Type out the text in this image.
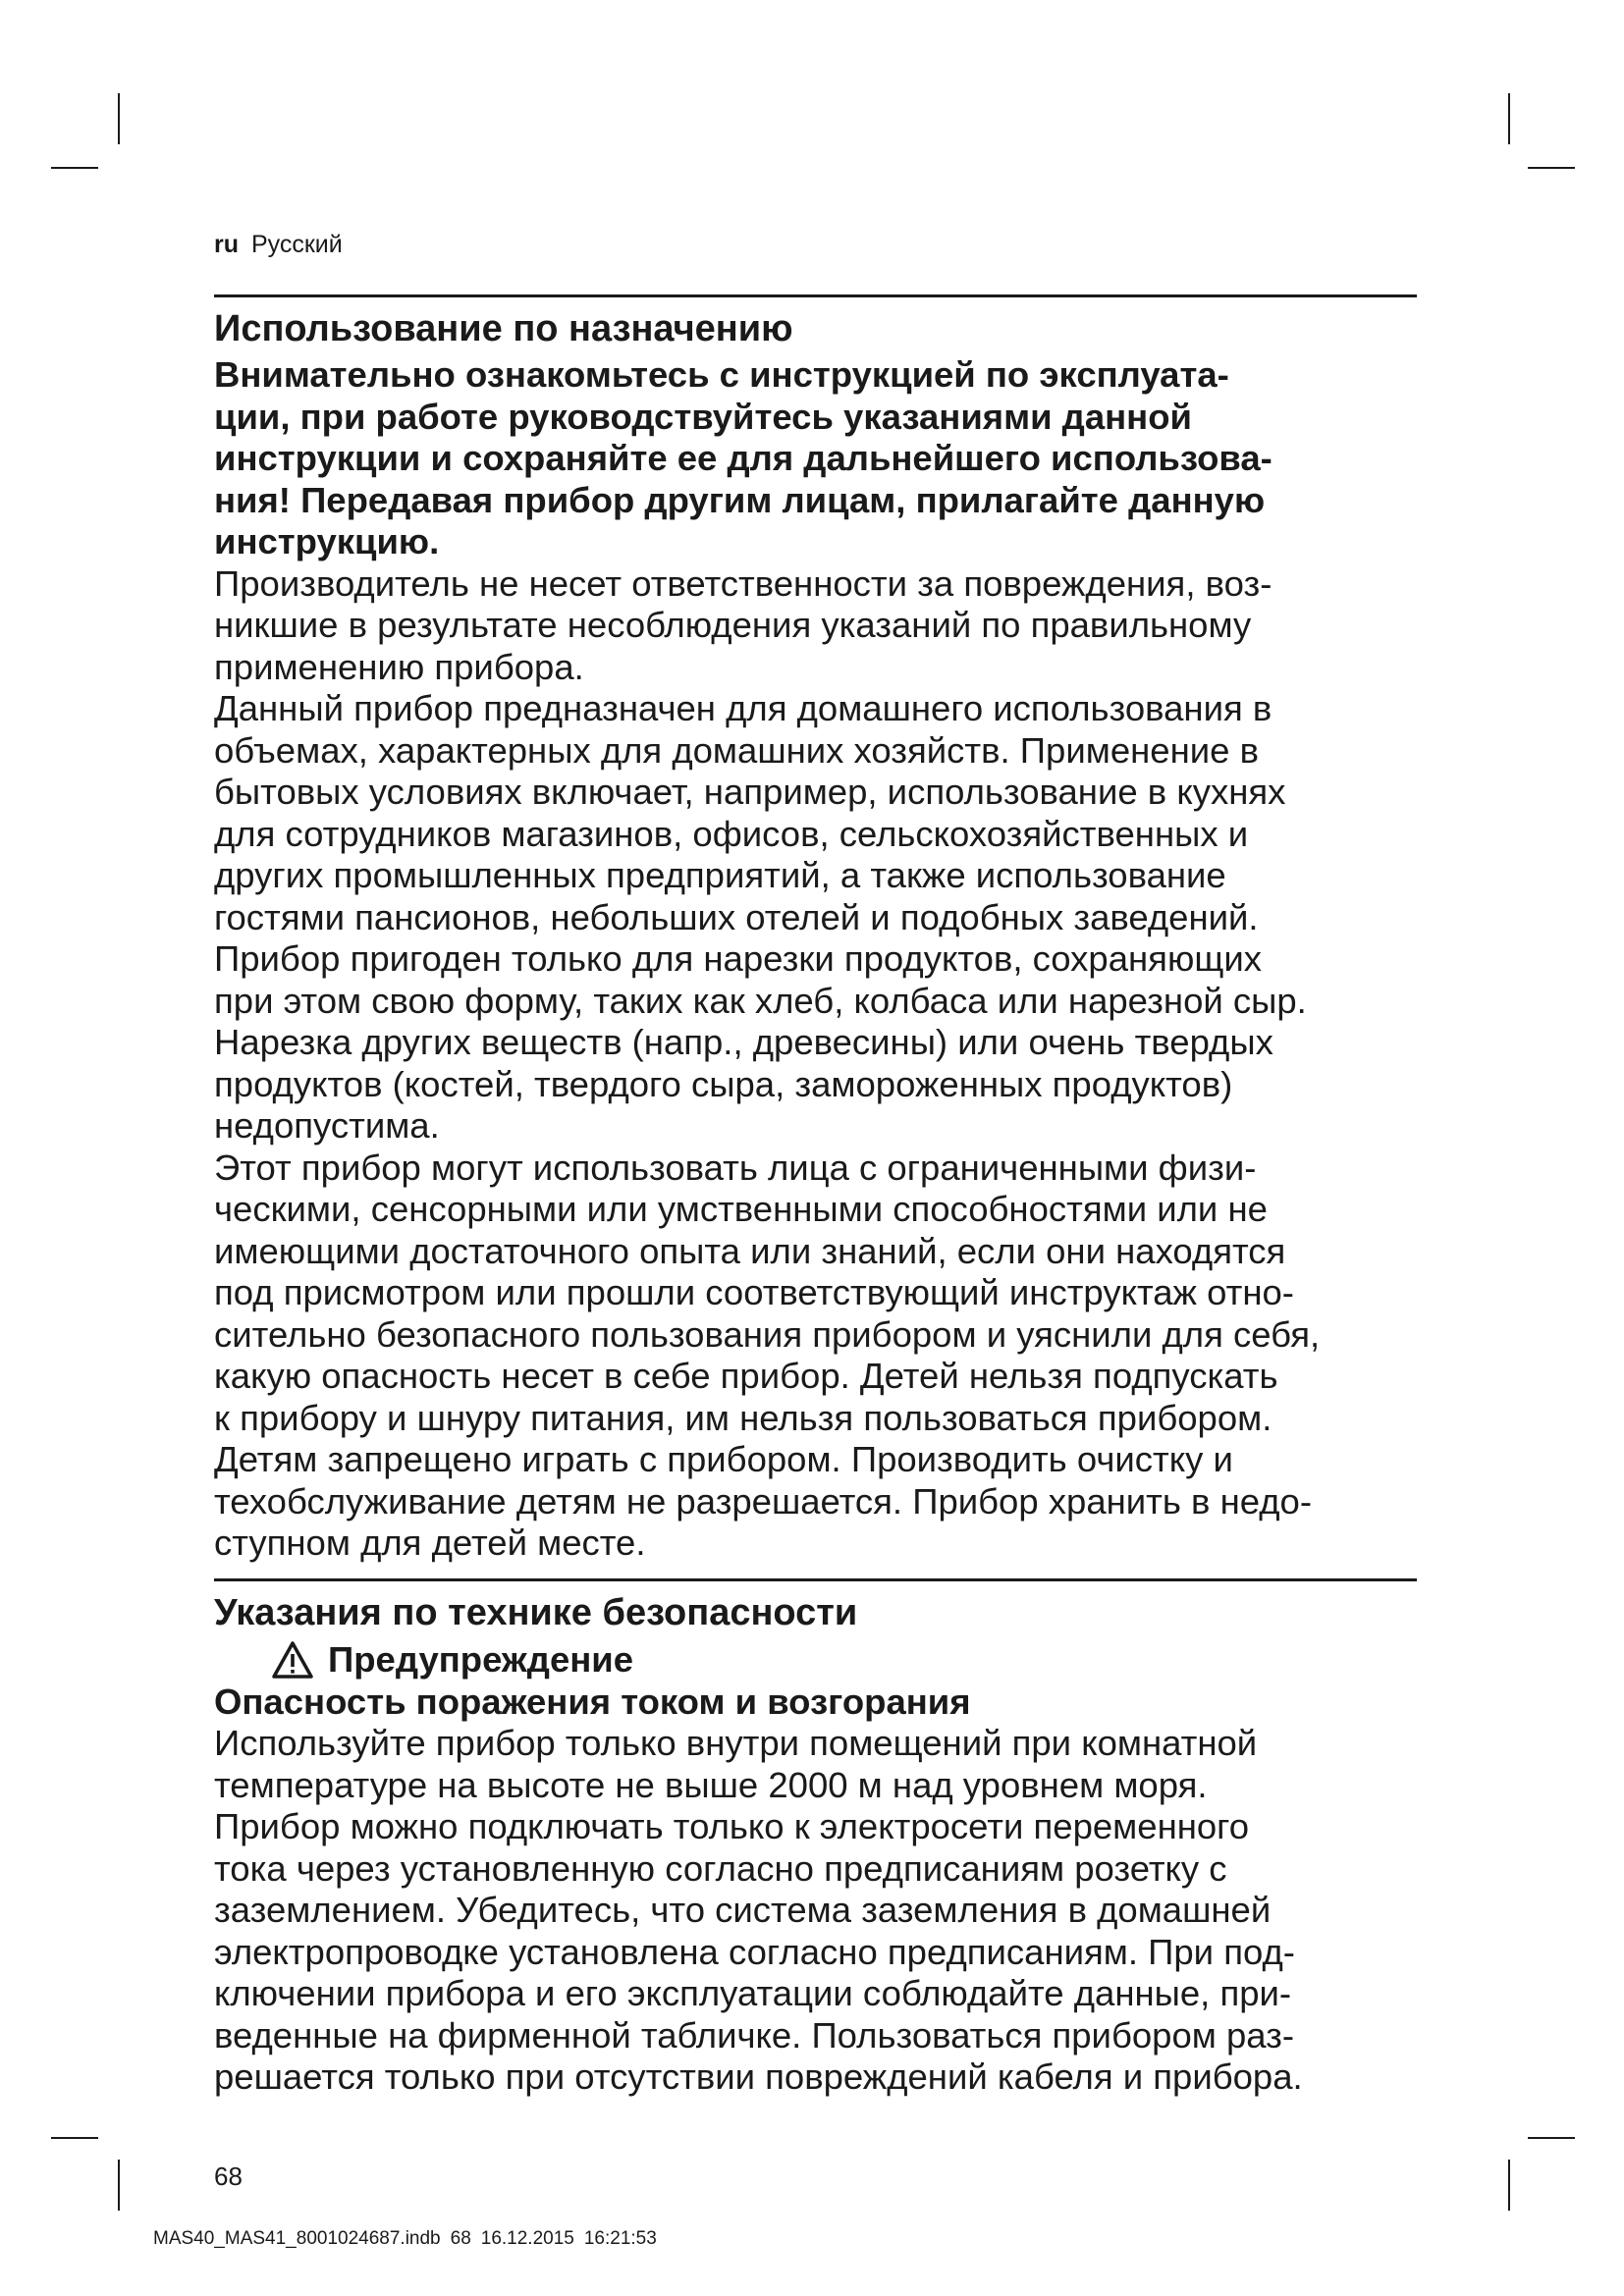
ru Русский
Использование по назначению

Внимательно ознакомьтесь с инструкцией по эксплуата-

ции, при работе руководствуйтесь указаниями данной

инструкции и сохраняйте ее для дальнейшего использова-

ния! Передавая прибор другим лицам, прилагайте данную

инструкцию.

Производитель не несет ответственности за повреждения, воз-

никшие в результате несоблюдения указаний по правильному

применению прибора.

Данный прибор предназначен для домашнего использования в

объемах, характерных для домашних хозяйств. Применение в

бытовых условиях включает, например, использование в кухнях

для сотрудников магазинов, офисов, сельскохозяйственных и

других промышленных предприятий, а также использование

гостями пансионов, небольших отелей и подобных заведений.

Прибор пригоден только для нарезки продуктов, сохраняющих

при этом свою форму, таких как хлеб, колбаса или нарезной сыр.

Нарезка других веществ (напр., древесины) или очень твердых

продуктов (костей, твердого сыра, замороженных продуктов)

недопустима.

Этот прибор могут использовать лица с ограниченными физи-

ческими, сенсорными или умственными способностями или не

имеющими достаточного опыта или знаний, если они находятся

под присмотром или прошли соответствующий инструктаж отно-

сительно безопасного пользования прибором и уяснили для себя,

какую опасность несет в себе прибор. Детей нельзя подпускать

к прибору и шнуру питания, им нельзя пользоваться прибором.

Детям запрещено играть с прибором. Производить очистку и

техобслуживание детям не разрешается. Прибор хранить в недо-

ступном для детей месте.

Указания по технике безопасности
Предупреждение

Опасность поражения током и возгорания

Используйте прибор только внутри помещений при комнатной

температуре на высоте не выше 2000 м над уровнем моря.

Прибор можно подключать только к электросети переменного

тока через установленную согласно предписаниям розетку с

заземлением. Убедитесь, что система заземления в домашней

электропроводке установлена согласно предписаниям. При под-

ключении прибора и его эксплуатации соблюдайте данные, при-

веденные на фирменной табличке. Пользоваться прибором раз-

решается только при отсутствии повреждений кабеля и прибора.

68
MAS40_MAS41_8001024687.indb 68 16.12.2015 16:21:53
